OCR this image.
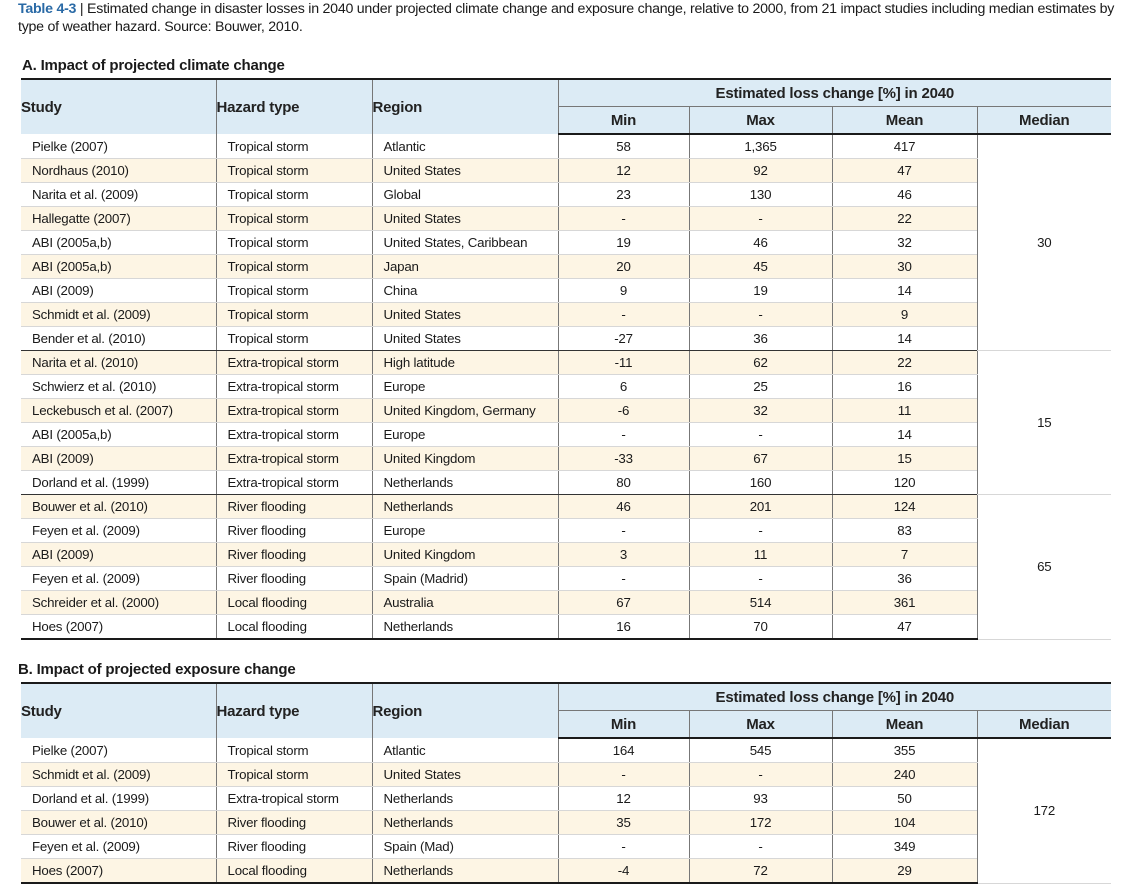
Table 4-3 | Estimated change in disaster losses in 2040 under projected climate change and exposure change, relative to 2000, from 21 impact studies including median estimates by type of weather hazard. Source: Bouwer, 2010.
A. Impact of projected climate change
Study	Hazard type	Region	Estimated loss change [%] in 2040			
			Min	Max	Mean	Median
Pielke (2007)	Tropical storm	Atlantic	58	1,365	417	30
Nordhaus (2010)	Tropical storm	United States	12	92	47	
Narita et al. (2009)	Tropical storm	Global	23	130	46	
Hallegatte (2007)	Tropical storm	United States	-	-	22	
ABI (2005a,b)	Tropical storm	United States, Caribbean	19	46	32	
ABI (2005a,b)	Tropical storm	Japan	20	45	30	
ABI (2009)	Tropical storm	China	9	19	14	
Schmidt et al. (2009)	Tropical storm	United States	-	-	9	
Bender et al. (2010)	Tropical storm	United States	-27	36	14	
Narita et al. (2010)	Extra-tropical storm	High latitude	-11	62	22	15
Schwierz et al. (2010)	Extra-tropical storm	Europe	6	25	16	
Leckebusch et al. (2007)	Extra-tropical storm	United Kingdom, Germany	-6	32	11	
ABI (2005a,b)	Extra-tropical storm	Europe	-	-	14	
ABI (2009)	Extra-tropical storm	United Kingdom	-33	67	15	
Dorland et al. (1999)	Extra-tropical storm	Netherlands	80	160	120	
Bouwer et al. (2010)	River flooding	Netherlands	46	201	124	65
Feyen et al. (2009)	River flooding	Europe	-	-	83	
ABI (2009)	River flooding	United Kingdom	3	11	7	
Feyen et al. (2009)	River flooding	Spain (Madrid)	-	-	36	
Schreider et al. (2000)	Local flooding	Australia	67	514	361	
Hoes (2007)	Local flooding	Netherlands	16	70	47	
B. Impact of projected exposure change
Study	Hazard type	Region	Estimated loss change [%] in 2040			
			Min	Max	Mean	Median
Pielke (2007)	Tropical storm	Atlantic	164	545	355	172
Schmidt et al. (2009)	Tropical storm	United States	-	-	240	
Dorland et al. (1999)	Extra-tropical storm	Netherlands	12	93	50	
Bouwer et al. (2010)	River flooding	Netherlands	35	172	104	
Feyen et al. (2009)	River flooding	Spain (Mad)	-	-	349	
Hoes (2007)	Local flooding	Netherlands	-4	72	29	
